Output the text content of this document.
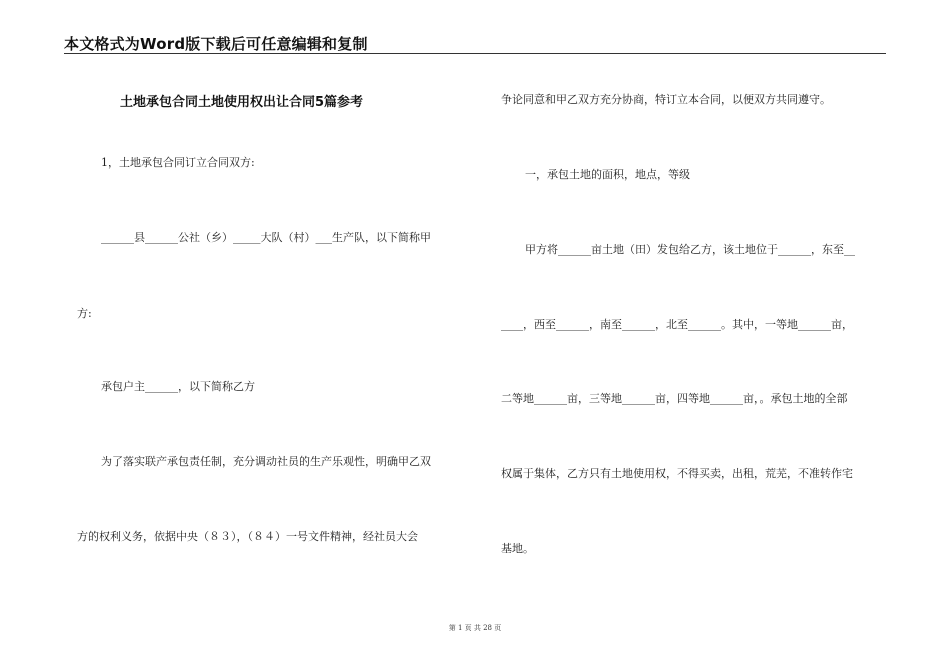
本文格式为Word版下载后可任意编辑和复制
土地承包合同土地使用权出让合同5篇参考
1，土地承包合同订立合同双方:
______县______公社（乡）_____大队（村）___生产队，以下简称甲
方:
承包户主______，以下简称乙方
为了落实联产承包责任制，充分调动社员的生产乐观性，明确甲乙双
方的权利义务，依据中央（８３），（８４）一号文件精神，经社员大会
争论同意和甲乙双方充分协商，特订立本合同，以便双方共同遵守。
一，承包土地的面积，地点，等级
甲方将______亩土地（田）发包给乙方，该土地位于______，东至__
____，西至______，南至______，北至______。其中，一等地______亩，
二等地______亩，三等地______亩，四等地______亩，。承包土地的全部
权属于集体，乙方只有土地使用权，不得买卖，出租，荒芜，不准转作宅
基地。
第 1 页 共 28 页
